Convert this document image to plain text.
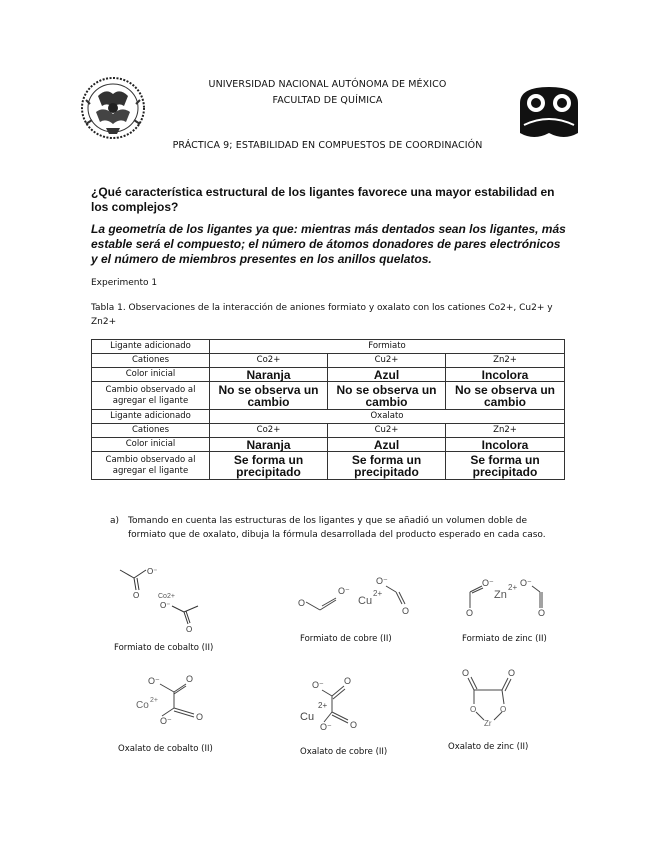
UNIVERSIDAD NACIONAL AUTÓNOMA DE MÉXICO
FACULTAD DE QUÍMICA
PRÁCTICA 9; ESTABILIDAD EN COMPUESTOS DE COORDINACIÓN
¿Qué característica estructural de los ligantes favorece una mayor estabilidad en los complejos?
La geometría de los ligantes ya que: mientras más dentados sean los ligantes, más estable será el compuesto; el número de átomos donadores de pares electrónicos y el número de miembros presentes en los anillos quelatos.
Experimento 1
Tabla 1. Observaciones de la interacción de aniones formiato y oxalato con los cationes Co2+, Cu2+ y Zn2+
Ligante adicionado	Formiato		
Cationes	Co2+	Cu2+	Zn2+
Color inicial	Naranja	Azul	Incolora
Cambio observado al agregar el ligante	No se observa un cambio	No se observa un cambio	No se observa un cambio
Ligante adicionado	Oxalato		
Cationes	Co2+	Cu2+	Zn2+
Color inicial	Naranja	Azul	Incolora
Cambio observado al agregar el ligante	Se forma un precipitado	Se forma un precipitado	Se forma un precipitado
a) Tomando en cuenta las estructuras de los ligantes y que se añadió un volumen doble de formiato que de oxalato, dibuja la fórmula desarrollada del producto esperado en cada caso.
O⁻
O	Co2+
O⁻
O
Formiato de cobalto (II)
O
O⁻
Cu
2+
O⁻
O
Formiato de cobre (II)
O
O⁻
Zn
2+ O⁻
O
Formiato de zinc (II)
O⁻	O
Co 2+
O⁻	O
Oxalato de cobalto (II)
O⁻ O
2+
Cu
O⁻ O
Oxalato de cobre (II)
O	O
O	O
Zr
Oxalato de zinc (II)
